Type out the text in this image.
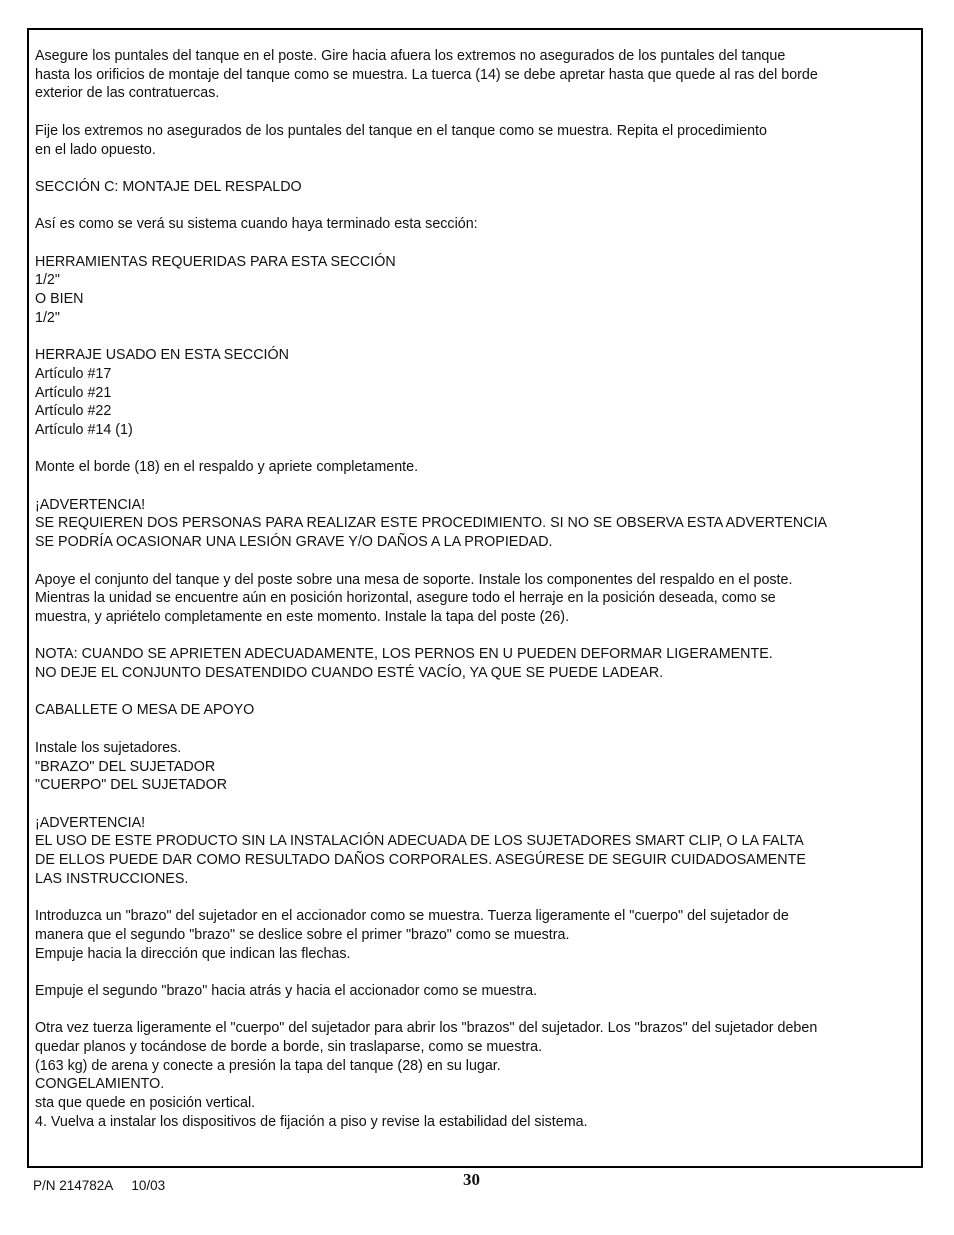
Asegure los puntales del tanque en el poste. Gire hacia afuera los extremos no asegurados de los puntales del tanque
hasta los orificios de montaje del tanque como se muestra. La tuerca (14) se debe apretar hasta que quede al ras del borde
exterior de las contratuercas.
Fije los extremos no asegurados de los puntales del tanque en el tanque como se muestra. Repita el procedimiento
en el lado opuesto.
SECCIÓN C: MONTAJE DEL RESPALDO
Así es como se verá su sistema cuando haya terminado esta sección:
HERRAMIENTAS REQUERIDAS PARA ESTA SECCIÓN
1/2"
O BIEN
1/2"
HERRAJE USADO EN ESTA SECCIÓN
Artículo #17
Artículo #21
Artículo #22
Artículo #14 (1)
Monte el borde (18) en el respaldo y apriete completamente.
¡ADVERTENCIA!
SE REQUIEREN DOS PERSONAS PARA REALIZAR ESTE PROCEDIMIENTO. SI NO SE OBSERVA ESTA ADVERTENCIA
SE PODRÍA OCASIONAR UNA LESIÓN GRAVE Y/O DAÑOS A LA PROPIEDAD.
Apoye el conjunto del tanque y del poste sobre una mesa de soporte. Instale los componentes del respaldo en el poste.
Mientras la unidad se encuentre aún en posición horizontal, asegure todo el herraje en la posición deseada, como se
muestra, y apriételo completamente en este momento. Instale la tapa del poste (26).
NOTA: CUANDO SE APRIETEN ADECUADAMENTE, LOS PERNOS EN U PUEDEN DEFORMAR LIGERAMENTE.
NO DEJE EL CONJUNTO DESATENDIDO CUANDO ESTÉ VACÍO, YA QUE SE PUEDE LADEAR.
CABALLETE O MESA DE APOYO
Instale los sujetadores.
"BRAZO" DEL SUJETADOR
"CUERPO" DEL SUJETADOR
¡ADVERTENCIA!
EL USO DE ESTE PRODUCTO SIN LA INSTALACIÓN ADECUADA DE LOS SUJETADORES SMART CLIP, O LA FALTA
DE ELLOS PUEDE DAR COMO RESULTADO DAÑOS CORPORALES. ASEGÚRESE DE SEGUIR CUIDADOSAMENTE
LAS INSTRUCCIONES.
Introduzca un "brazo" del sujetador en el accionador como se muestra. Tuerza ligeramente el "cuerpo" del sujetador de
manera que el segundo "brazo" se deslice sobre el primer "brazo" como se muestra.
Empuje hacia la dirección que indican las flechas.
Empuje el segundo "brazo" hacia atrás y hacia el accionador como se muestra.
Otra vez tuerza ligeramente el "cuerpo" del sujetador para abrir los "brazos" del sujetador. Los "brazos" del sujetador deben
quedar planos y tocándose de borde a borde, sin traslaparse, como se muestra.
(163 kg) de arena y conecte a presión la tapa del tanque (28) en su lugar.
CONGELAMIENTO.
sta que quede en posición vertical.
4. Vuelva a instalar los dispositivos de fijación a piso y revise la estabilidad del sistema.
P/N 214782A     10/03	30
